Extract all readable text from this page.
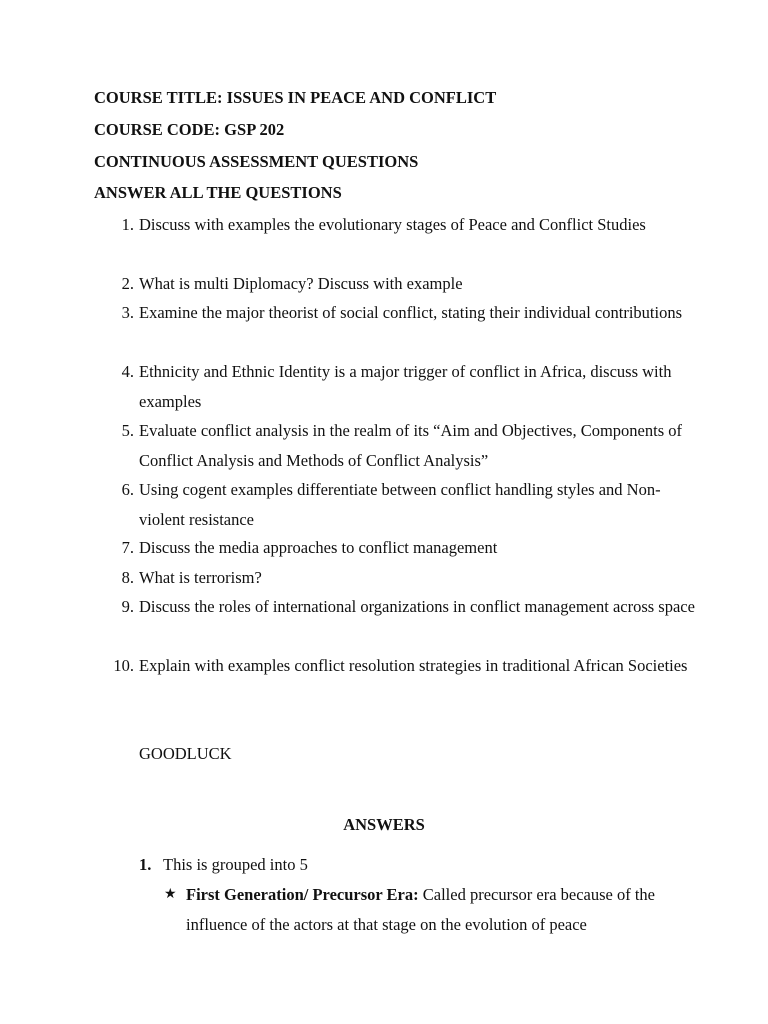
COURSE TITLE: ISSUES IN PEACE AND CONFLICT
COURSE CODE: GSP 202
CONTINUOUS ASSESSMENT QUESTIONS
ANSWER ALL THE QUESTIONS
1. Discuss with examples the evolutionary stages of Peace and Conflict Studies
2. What is multi Diplomacy? Discuss with example
3. Examine the major theorist of social conflict, stating their individual contributions
4. Ethnicity and Ethnic Identity is a major trigger of conflict in Africa, discuss with examples
5. Evaluate conflict analysis in the realm of its “Aim and Objectives, Components of Conflict Analysis and Methods of Conflict Analysis”
6. Using cogent examples differentiate between conflict handling styles and Non-violent resistance
7. Discuss the media approaches to conflict management
8. What is terrorism?
9. Discuss the roles of international organizations in conflict management across space
10. Explain with examples conflict resolution strategies in traditional African Societies
GOODLUCK
ANSWERS
1. This is grouped into 5
★ First Generation/ Precursor Era: Called precursor era because of the influence of the actors at that stage on the evolution of peace
